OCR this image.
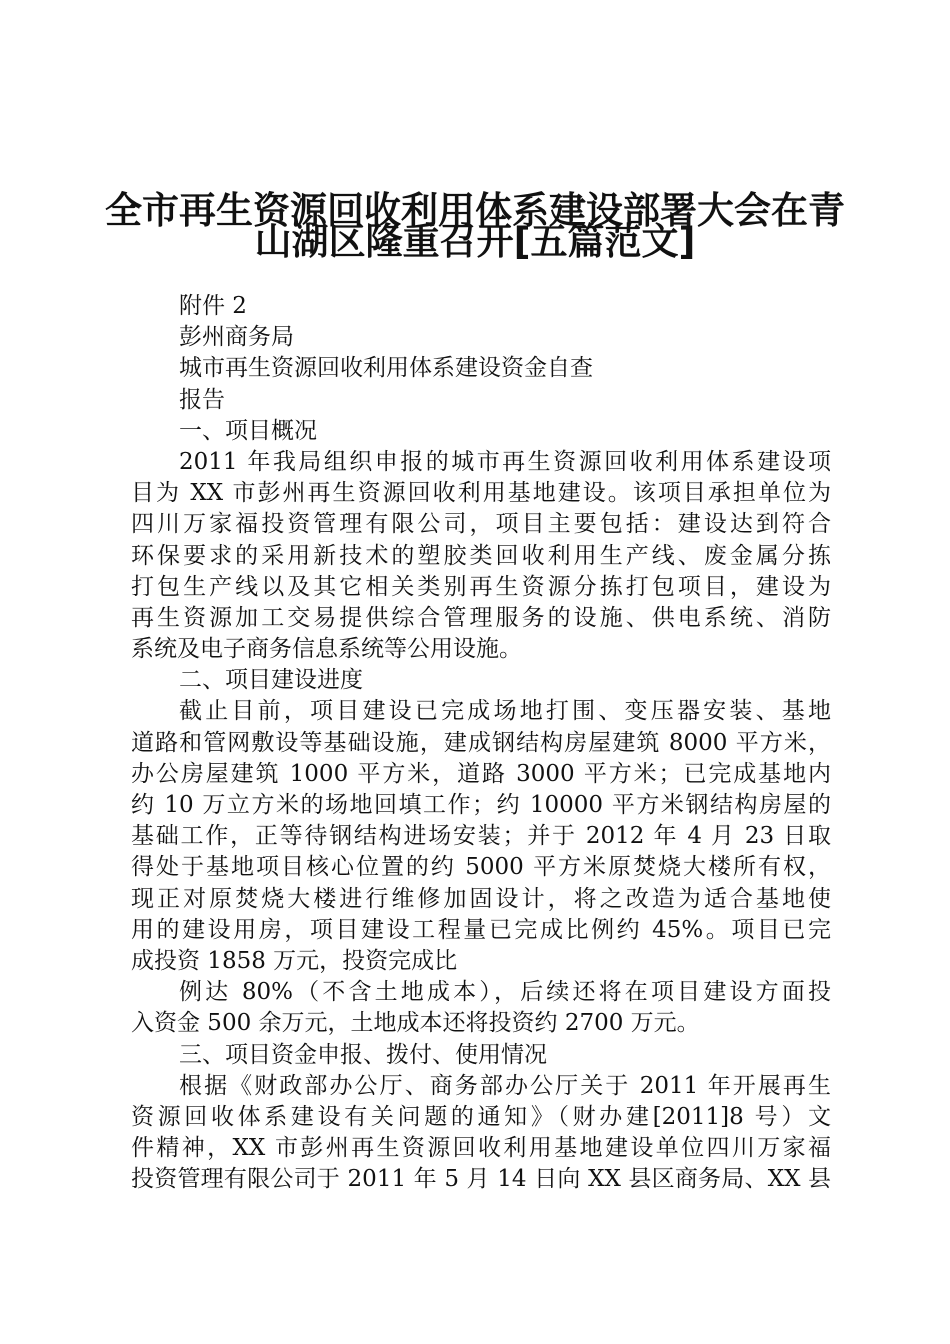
全市再生资源回收利用体系建设部署大会在青
山湖区隆重召开[五篇范文]
附件 2
彭州商务局
城市再生资源回收利用体系建设资金自查
报告
一、项目概况
2011 年我局组织申报的城市再生资源回收利用体系建设项
目为 XX 市彭州再生资源回收利用基地建设。该项目承担单位为
四川万家福投资管理有限公司，项目主要包括：建设达到符合
环保要求的采用新技术的塑胶类回收利用生产线、废金属分拣
打包生产线以及其它相关类别再生资源分拣打包项目，建设为
再生资源加工交易提供综合管理服务的设施、供电系统、消防
系统及电子商务信息系统等公用设施。
二、项目建设进度
截止目前，项目建设已完成场地打围、变压器安装、基地
道路和管网敷设等基础设施，建成钢结构房屋建筑 8000 平方米，
办公房屋建筑 1000 平方米，道路 3000 平方米；已完成基地内
约 10 万立方米的场地回填工作；约 10000 平方米钢结构房屋的
基础工作，正等待钢结构进场安装；并于 2012 年 4 月 23 日取
得处于基地项目核心位置的约 5000 平方米原焚烧大楼所有权，
现正对原焚烧大楼进行维修加固设计，将之改造为适合基地使
用的建设用房，项目建设工程量已完成比例约 45%。项目已完
成投资 1858 万元，投资完成比
例达 80%（不含土地成本），后续还将在项目建设方面投
入资金 500 余万元，土地成本还将投资约 2700 万元。
三、项目资金申报、拨付、使用情况
根据《财政部办公厅、商务部办公厅关于 2011 年开展再生
资源回收体系建设有关问题的通知》（财办建[2011]8 号）文
件精神，XX 市彭州再生资源回收利用基地建设单位四川万家福
投资管理有限公司于 2011 年 5 月 14 日向 XX 县区商务局、XX 县
